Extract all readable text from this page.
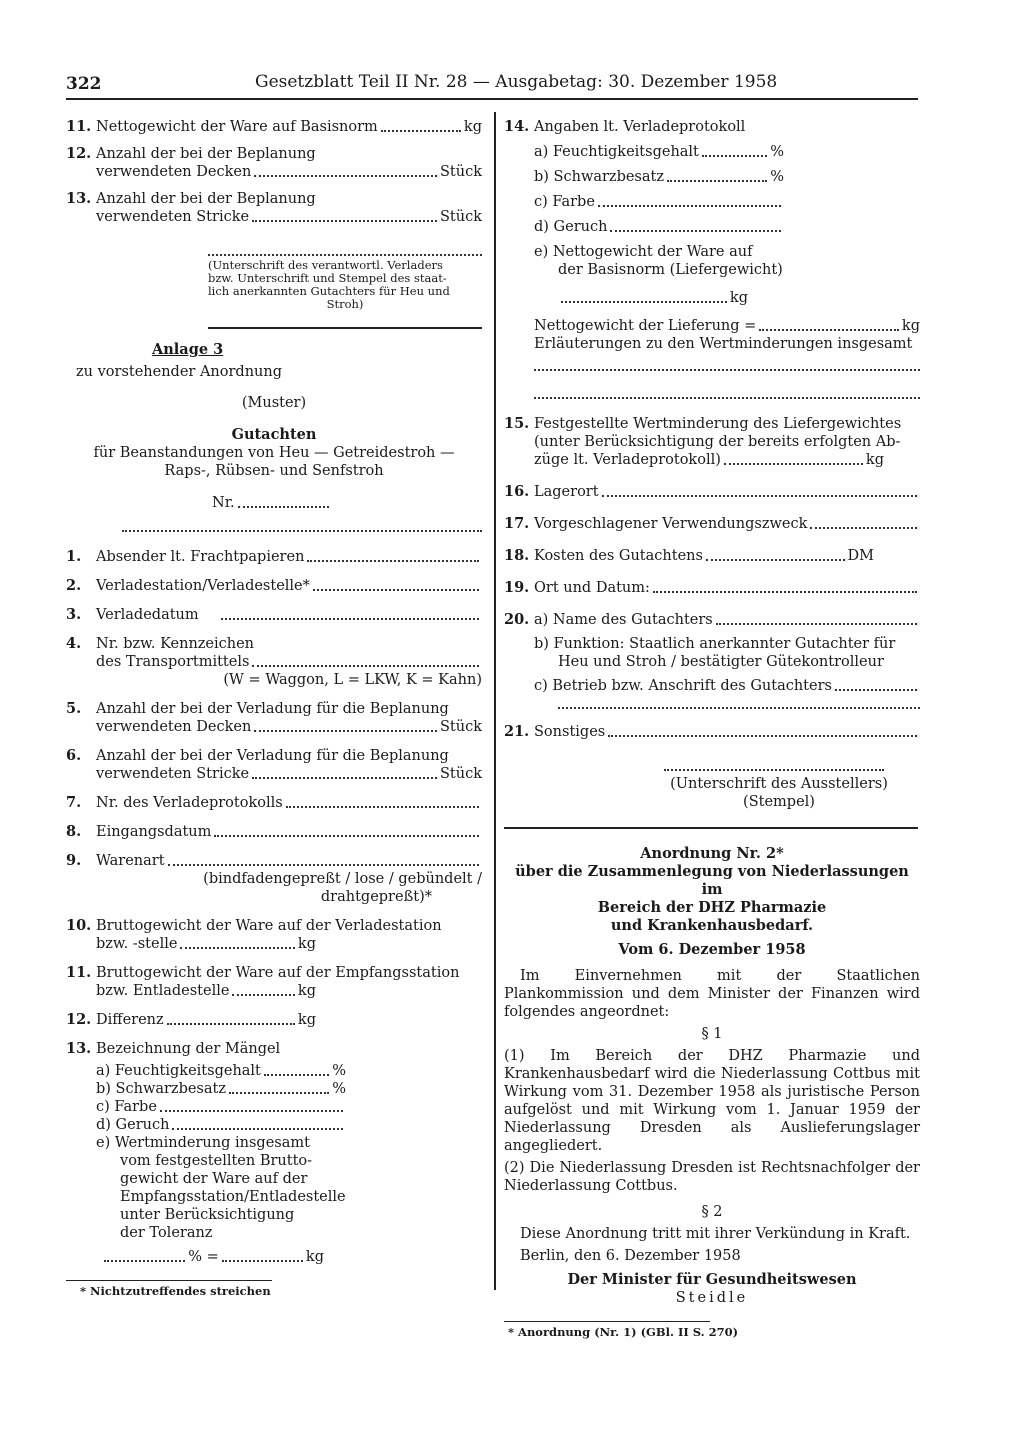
322	Gesetzblatt Teil II Nr. 28 — Ausgabetag: 30. Dezember 1958
11. Nettogewicht der Ware auf Basisnorm	kg
12. Anzahl der bei der Beplanung
verwendeten Decken	Stück
13. Anzahl der bei der Beplanung
verwendeten Stricke	Stück
(Unterschrift des verantwortl. Verladers
bzw. Unterschrift und Stempel des staat-
lich anerkannten Gutachters für Heu und
Stroh)
Anlage 3
zu vorstehender Anordnung
(Muster)
Gutachten
für Beanstandungen von Heu — Getreidestroh —
Raps-, Rübsen- und Senfstroh
Nr.
1.	Absender lt. Frachtpapieren
2.	Verladestation/Verladestelle*
3.	Verladedatum
4.	Nr. bzw. Kennzeichen
des Transportmittels
(W = Waggon, L = LKW, K = Kahn)
5.	Anzahl der bei der Verladung für die Beplanung
verwendeten Decken	Stück
6.	Anzahl der bei der Verladung für die Beplanung
verwendeten Stricke	Stück
7.	Nr. des Verladeprotokolls
8.	Eingangsdatum
9.	Warenart
(bindfadengepreßt / lose / gebündelt /
drahtgepreßt)*
10. Bruttogewicht der Ware auf der Verladestation
bzw. -stelle	kg
11. Bruttogewicht der Ware auf der Empfangsstation
bzw. Entladestelle	kg
12. Differenz	kg
13. Bezeichnung der Mängel
a) Feuchtigkeitsgehalt	%
b) Schwarzbesatz	%
c) Farbe
d) Geruch
e) Wertminderung insgesamt
vom festgestellten Brutto-
gewicht der Ware auf der
Empfangsstation/Entladestelle
unter Berücksichtigung
der Toleranz
% =	kg
* Nichtzutreffendes streichen
14. Angaben lt. Verladeprotokoll
a) Feuchtigkeitsgehalt	%
b) Schwarzbesatz	%
c) Farbe
d) Geruch
e) Nettogewicht der Ware auf
der Basisnorm (Liefergewicht)
kg
Nettogewicht der Lieferung =	kg
Erläuterungen zu den Wertminderungen insgesamt
15. Festgestellte Wertminderung des Liefergewichtes
(unter Berücksichtigung der bereits erfolgten Ab-
züge lt. Verladeprotokoll)	kg
16. Lagerort
17. Vorgeschlagener Verwendungszweck
18. Kosten des Gutachtens	DM
19. Ort und Datum:
20. a) Name des Gutachters
b) Funktion: Staatlich anerkannter Gutachter für
Heu und Stroh / bestätigter Gütekontrolleur
c) Betrieb bzw. Anschrift des Gutachters
21. Sonstiges
(Unterschrift des Ausstellers)
(Stempel)
Anordnung Nr. 2*
über die Zusammenlegung von Niederlassungen im
Bereich der DHZ Pharmazie
und Krankenhausbedarf.
Vom 6. Dezember 1958
Im Einvernehmen mit der Staatlichen Plankommission und dem Minister der Finanzen wird folgendes angeordnet:
§ 1
(1) Im Bereich der DHZ Pharmazie und Krankenhausbedarf wird die Niederlassung Cottbus mit Wirkung vom 31. Dezember 1958 als juristische Person aufgelöst und mit Wirkung vom 1. Januar 1959 der Niederlassung Dresden als Auslieferungslager angegliedert.
(2) Die Niederlassung Dresden ist Rechtsnachfolger der Niederlassung Cottbus.
§ 2
Diese Anordnung tritt mit ihrer Verkündung in Kraft.
Berlin, den 6. Dezember 1958
Der Minister für Gesundheitswesen
Steidle
* Anordnung (Nr. 1) (GBl. II S. 270)
